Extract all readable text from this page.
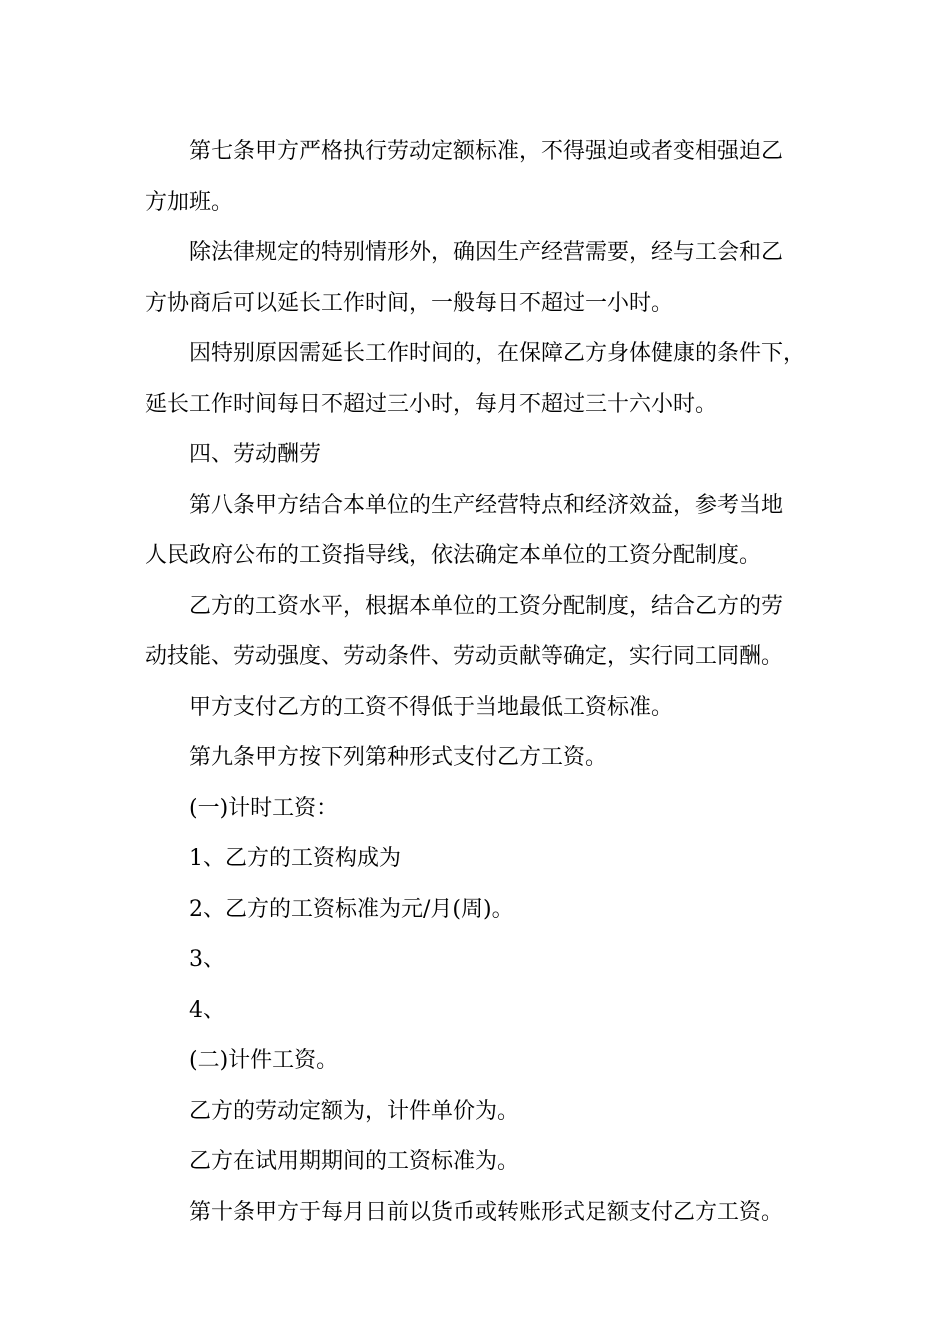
第七条甲方严格执行劳动定额标准，不得强迫或者变相强迫乙

方加班。

除法律规定的特别情形外，确因生产经营需要，经与工会和乙

方协商后可以延长工作时间，一般每日不超过一小时。

因特别原因需延长工作时间的，在保障乙方身体健康的条件下，

延长工作时间每日不超过三小时，每月不超过三十六小时。

四、劳动酬劳

第八条甲方结合本单位的生产经营特点和经济效益，参考当地

人民政府公布的工资指导线，依法确定本单位的工资分配制度。

乙方的工资水平，根据本单位的工资分配制度，结合乙方的劳

动技能、劳动强度、劳动条件、劳动贡献等确定，实行同工同酬。

甲方支付乙方的工资不得低于当地最低工资标准。

第九条甲方按下列第种形式支付乙方工资。

(一)计时工资：

1、乙方的工资构成为

2、乙方的工资标准为元/月(周)。

3、

4、

(二)计件工资。

乙方的劳动定额为，计件单价为。

乙方在试用期期间的工资标准为。

第十条甲方于每月日前以货币或转账形式足额支付乙方工资。
